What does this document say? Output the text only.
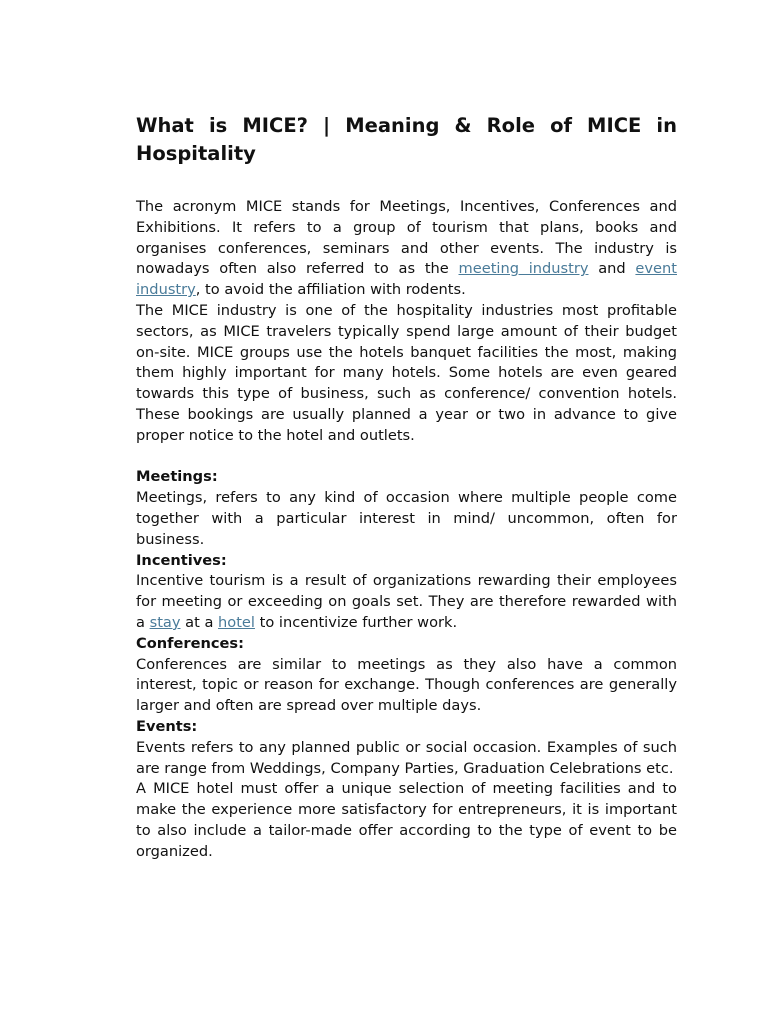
What is MICE? | Meaning & Role of MICE in Hospitality

The acronym MICE stands for Meetings, Incentives, Conferences and Exhibitions. It refers to a group of tourism that plans, books and organises conferences, seminars and other events. The industry is nowadays often also referred to as the meeting industry and event industry, to avoid the affiliation with rodents.

The MICE industry is one of the hospitality industries most profitable sectors, as MICE travelers typically spend large amount of their budget on-site. MICE groups use the hotels banquet facilities the most, making them highly important for many hotels. Some hotels are even geared towards this type of business, such as conference/ convention hotels. These bookings are usually planned a year or two in advance to give proper notice to the hotel and outlets.

Meetings:

Meetings, refers to any kind of occasion where multiple people come together with a particular interest in mind/ uncommon, often for business.

Incentives:

Incentive tourism is a result of organizations rewarding their employees for meeting or exceeding on goals set. They are therefore rewarded with a stay at a hotel to incentivize further work.

Conferences:

Conferences are similar to meetings as they also have a common interest, topic or reason for exchange. Though conferences are generally larger and often are spread over multiple days.

Events:

Events refers to any planned public or social occasion. Examples of such are range from Weddings, Company Parties, Graduation Celebrations etc.

A MICE hotel must offer a unique selection of meeting facilities and to make the experience more satisfactory for entrepreneurs, it is important to also include a tailor-made offer according to the type of event to be organized.
